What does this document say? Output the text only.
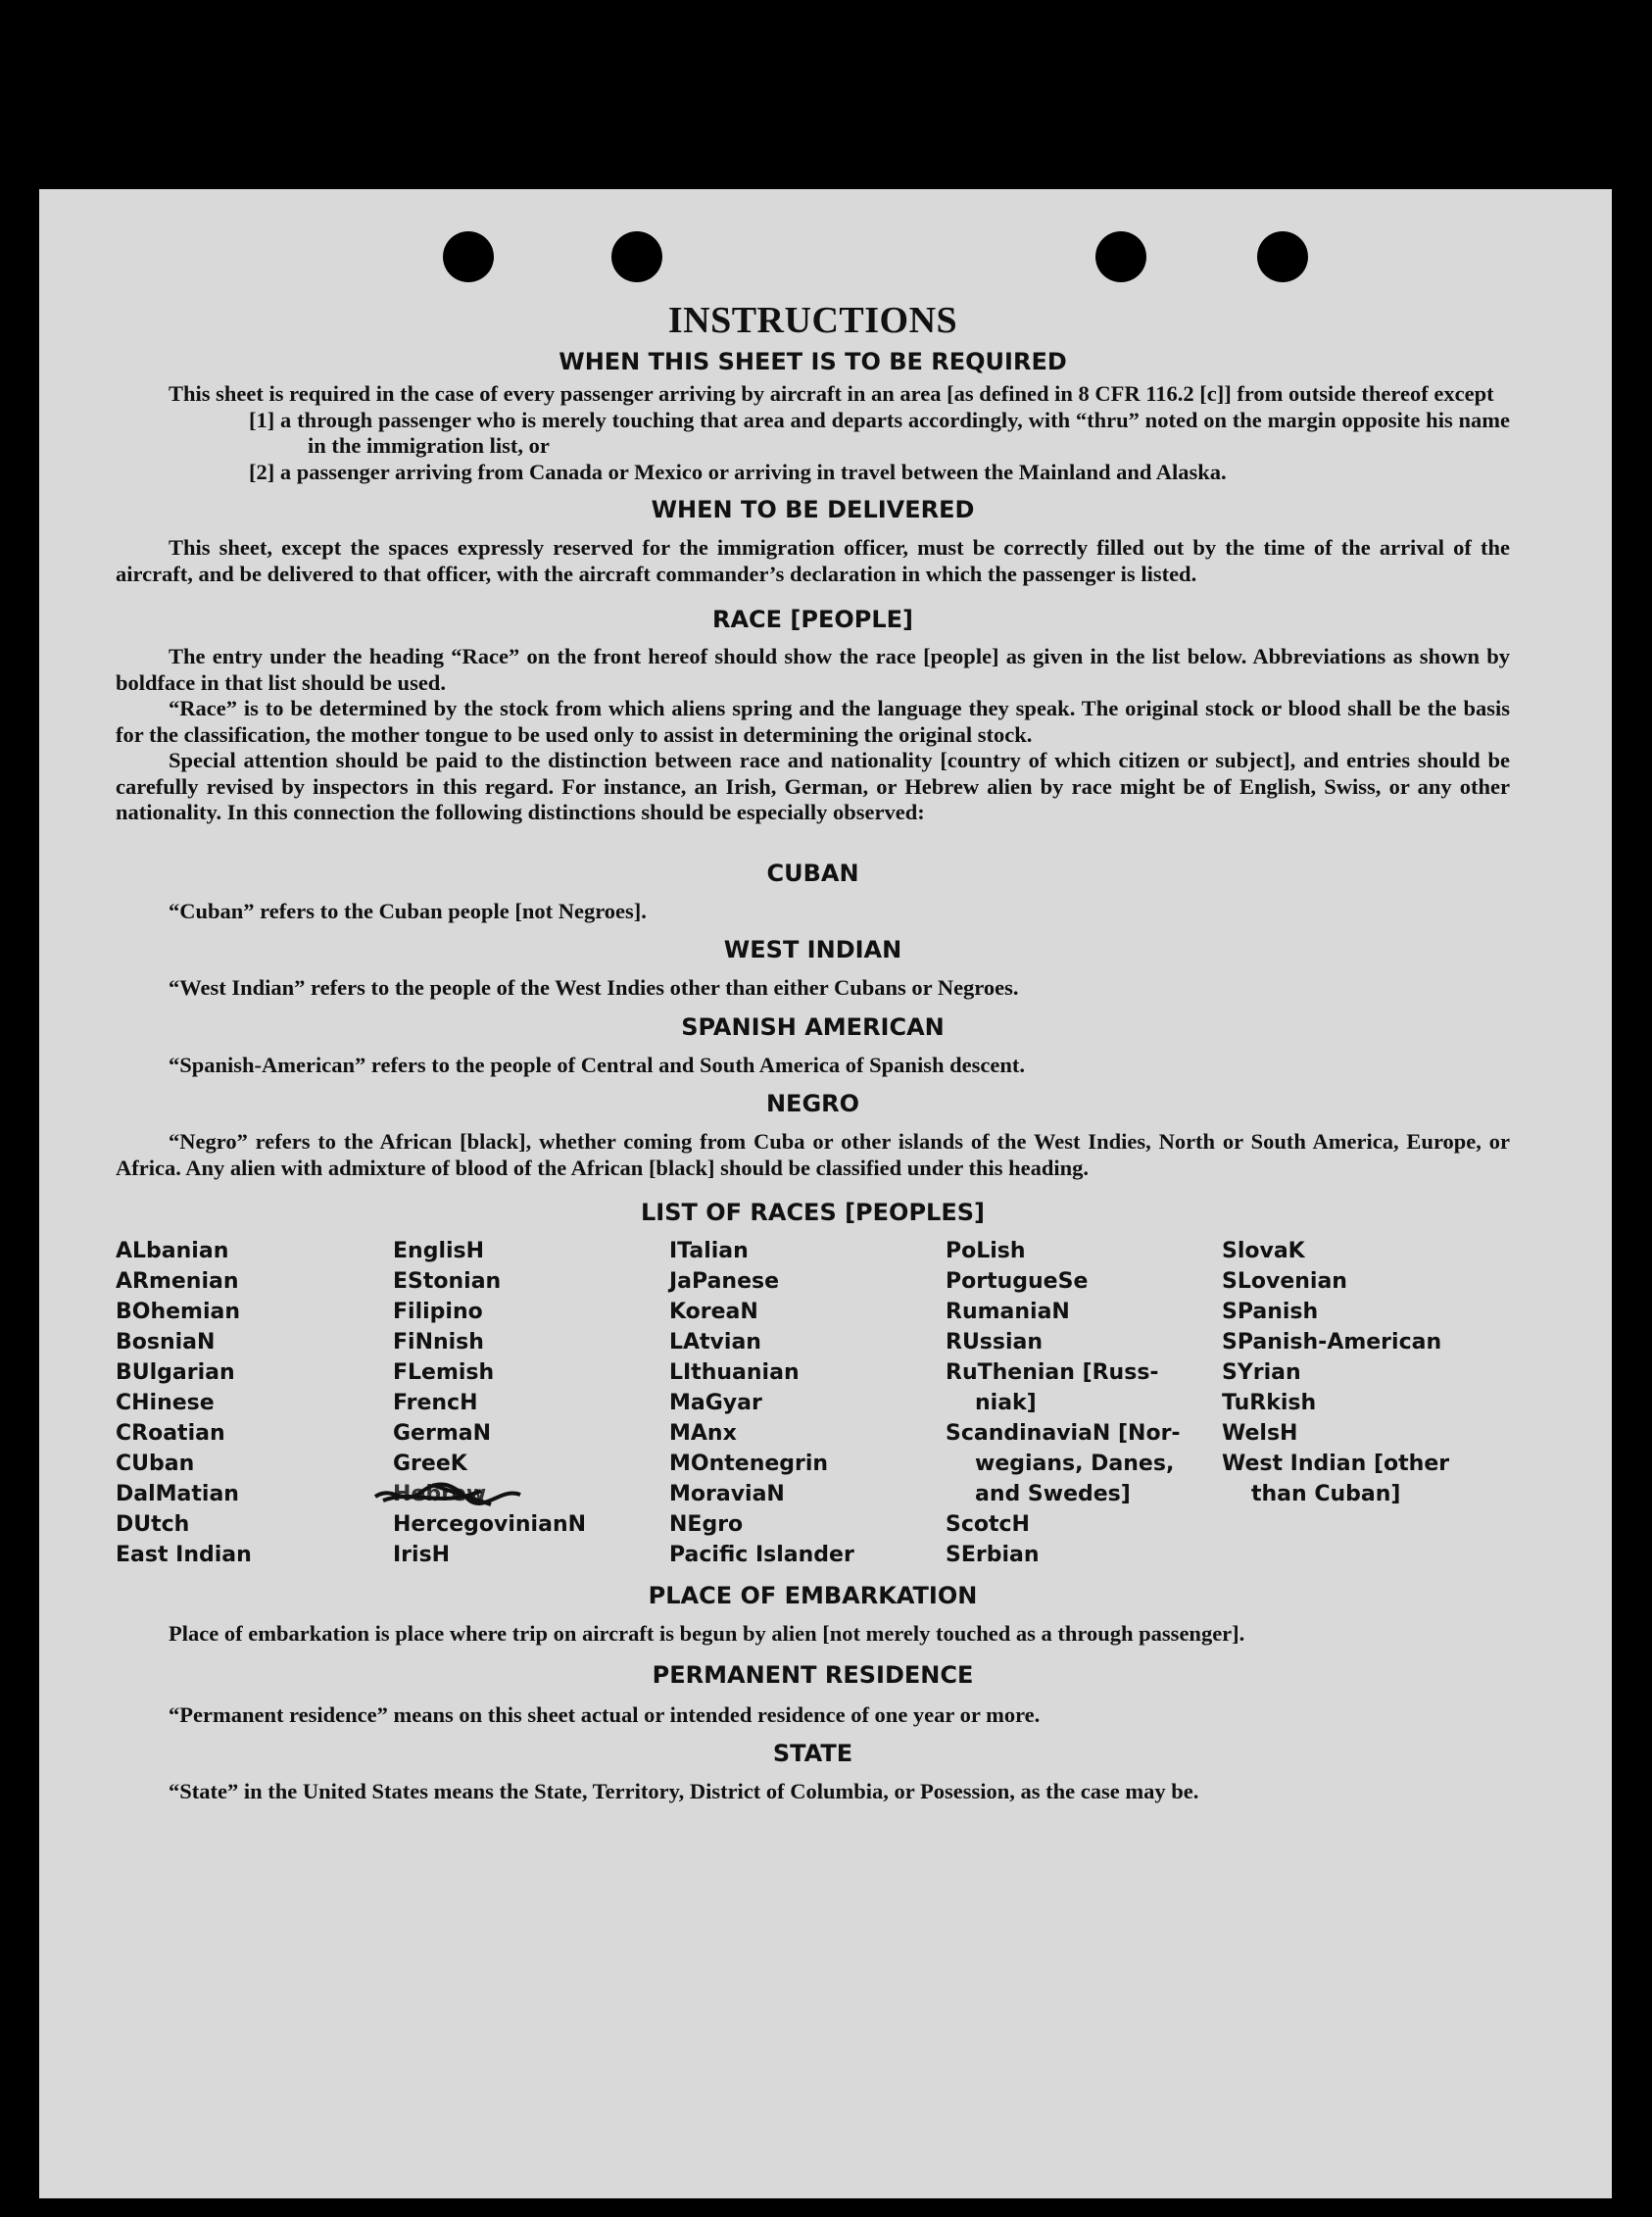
INSTRUCTIONS
WHEN THIS SHEET IS TO BE REQUIRED

This sheet is required in the case of every passenger arriving by aircraft in an area [as defined in 8 CFR 116.2 [c]] from outside thereof except

[1] a through passenger who is merely touching that area and departs accordingly, with “thru” noted on the margin opposite his name in the immigration list, or

[2] a passenger arriving from Canada or Mexico or arriving in travel between the Mainland and Alaska.

WHEN TO BE DELIVERED

This sheet, except the spaces expressly reserved for the immigration officer, must be correctly filled out by the time of the arrival of the aircraft, and be delivered to that officer, with the aircraft commander’s declaration in which the passenger is listed.

RACE [PEOPLE]

The entry under the heading “Race” on the front hereof should show the race [people] as given in the list below. Abbreviations as shown by boldface in that list should be used.

“Race” is to be determined by the stock from which aliens spring and the language they speak. The original stock or blood shall be the basis for the classification, the mother tongue to be used only to assist in determining the original stock.

Special attention should be paid to the distinction between race and nationality [country of which citizen or subject], and entries should be carefully revised by inspectors in this regard. For instance, an Irish, German, or Hebrew alien by race might be of English, Swiss, or any other nationality. In this connection the following distinctions should be especially observed:

CUBAN

“Cuban” refers to the Cuban people [not Negroes].

WEST INDIAN

“West Indian” refers to the people of the West Indies other than either Cubans or Negroes.

SPANISH AMERICAN

“Spanish-American” refers to the people of Central and South America of Spanish descent.

NEGRO

“Negro” refers to the African [black], whether coming from Cuba or other islands of the West Indies, North or South America, Europe, or Africa. Any alien with admixture of blood of the African [black] should be classified under this heading.

LIST OF RACES [PEOPLES]
ALbanian
ARmenian
BOhemian
BosniaN
BUlgarian
CHinese
CRoatian
CUban
DalMatian
DUtch
East Indian
EnglisH
EStonian
Filipino
FiNnish
FLemish
FrencH
GermaN
GreeK
Hebrew
HercegovinianN
IrisH
ITalian
JaPanese
KoreaN
LAtvian
LIthuanian
MaGyar
MAnx
MOntenegrin
MoraviaN
NEgro
Pacific Islander
PoLish
PortugueSe
RumaniaN
RUssian
RuThenian [Russ-
niak]
ScandinaviaN [Nor-
wegians, Danes,
and Swedes]
ScotcH
SErbian
SlovaK
SLovenian
SPanish
SPanish-American
SYrian
TuRkish
WelsH
West Indian [other
than Cuban]
PLACE OF EMBARKATION

Place of embarkation is place where trip on aircraft is begun by alien [not merely touched as a through passenger].

PERMANENT RESIDENCE

“Permanent residence” means on this sheet actual or intended residence of one year or more.

STATE

“State” in the United States means the State, Territory, District of Columbia, or Posession, as the case may be.
